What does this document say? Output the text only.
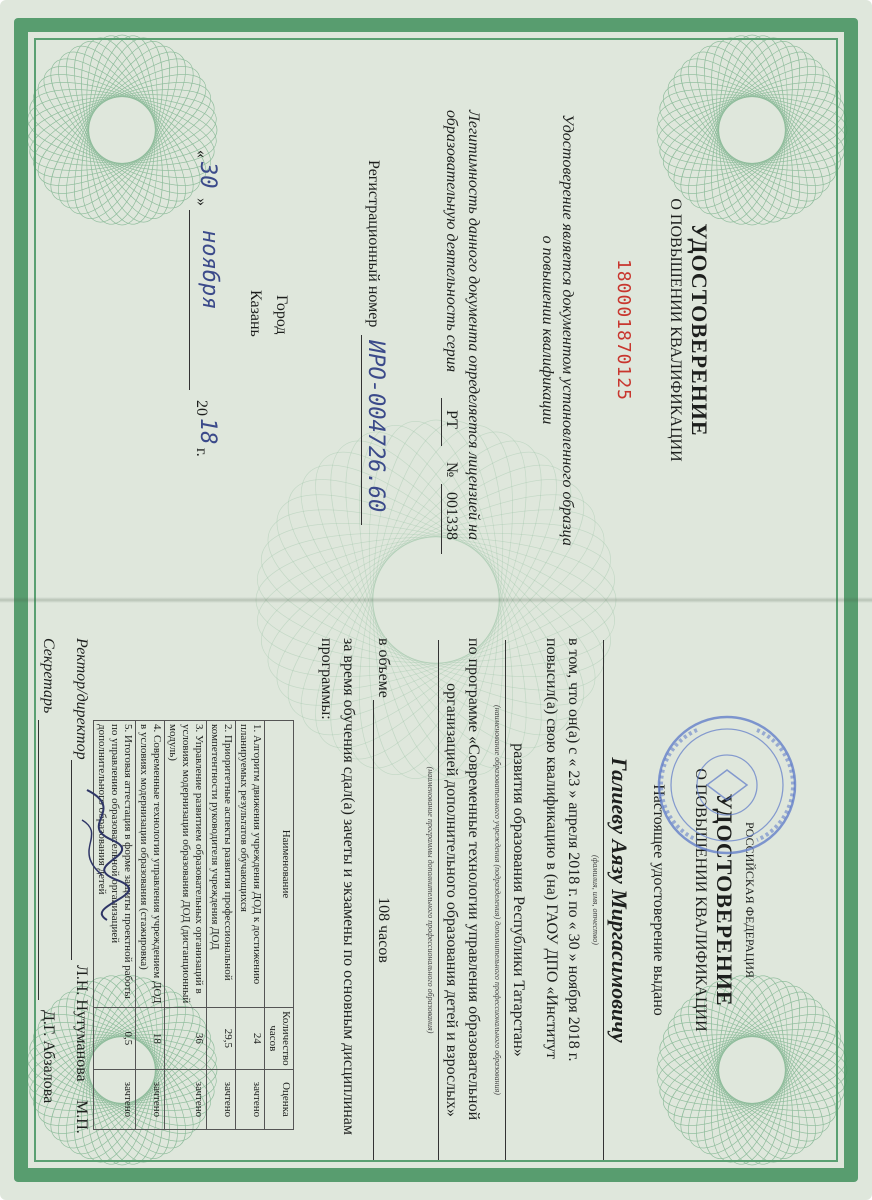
УДОСТОВЕРЕНИЕ
О ПОВЫШЕНИИ КВАЛИФИКАЦИИ
180001870125
Удостоверение является документом установленного образца
о повышении квалификации
Легитимность данного документа определяется лицензией на
образовательную деятельность серия
РТ
№
001338
Регистрационный номер
ИРО-004726.60
Город
Казань
«
30
»
ноября
20
18
г.
РОССИЙСКАЯ ФЕДЕРАЦИЯ
УДОСТОВЕРЕНИЕ
О ПОВЫШЕНИИ КВАЛИФИКАЦИИ
Настоящее удостоверение выдано
Галиеву Аязу Миргасимовичу
(фамилия, имя, отчество)
в том, что он(а) с « 23 » апреля 2018 г. по « 30 » ноября 2018 г.
повысил(а) свою квалификацию в (на) ГАОУ ДПО «Институт
развития образования Республики Татарстан»
(наименование образовательного учреждения (подразделения) дополнительного профессионального образования)
по программе «Современные технологии управления образовательной
организацией дополнительного образования детей и взрослых»
(наименование программы дополнительного профессионального образования)
в объеме
108 часов
за время обучения сдал(а) зачеты и экзамены по основным дисциплинам
программы:
Наименование	Количество часов	Оценка
1. Алгоритм движения учреждения ДОД к достижению планируемых результатов обучающихся	24	зачтено
2. Приоритетные аспекты развития профессиональной компетентности руководителя учреждения ДОД	29,5	зачтено
3. Управление развитием образовательных организаций в условиях модернизации образования ДОД (дистанционный модуль)	36	зачтено
4. Современные технологии управления учреждением ДОД в условиях модернизации образования (стажировка)	18	зачтено
5. Итоговая аттестация в форме защиты проектной работы по управлению образовательной организацией дополнительного образования детей	0,5	зачтено
Ректор/директор
Л.Н. Нутуманова
М.П.
Секретарь
Д.Г. Абзалова
